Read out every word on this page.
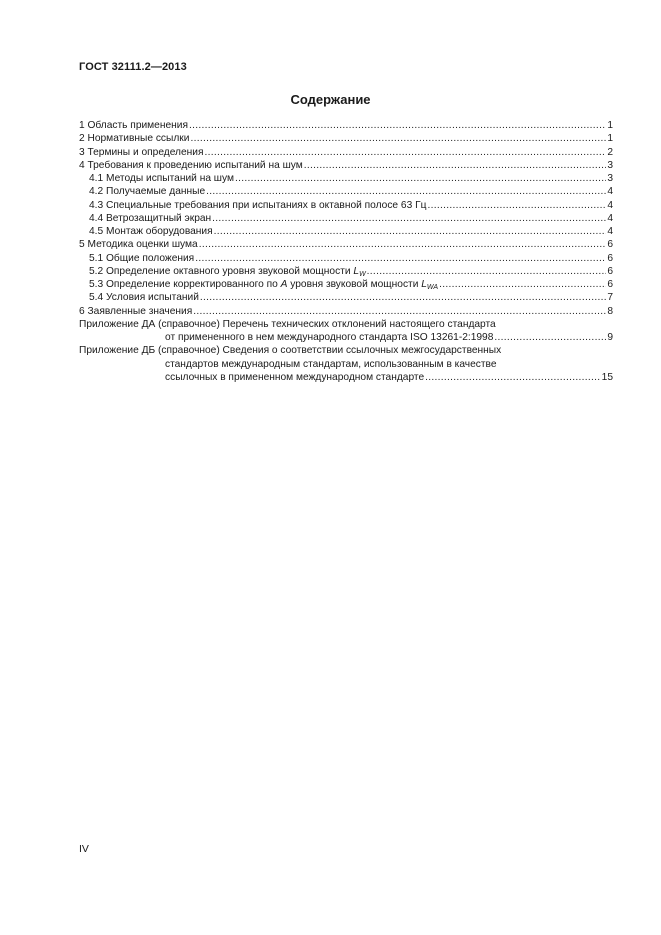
ГОСТ 32111.2—2013
Содержание
1 Область применения .....	1
2 Нормативные ссылки .....	1
3 Термины и определения .....	2
4 Требования к проведению испытаний на шум .....	3
4.1 Методы испытаний на шум .....	3
4.2 Получаемые данные .....	4
4.3 Специальные требования при испытаниях в октавной полосе 63 Гц .....	4
4.4 Ветрозащитный экран .....	4
4.5 Монтаж оборудования .....	4
5 Методика оценки шума .....	6
5.1 Общие положения .....	6
5.2 Определение октавного уровня звуковой мощности LW .....	6
5.3 Определение корректированного по A уровня звуковой мощности LWA .....	6
5.4 Условия испытаний .....	7
6 Заявленные значения .....	8
Приложение ДА (справочное) Перечень технических отклонений настоящего стандарта
от примененного в нем международного стандарта ISO 13261-2:1998 .....	9
Приложение ДБ (справочное) Сведения о соответствии ссылочных межгосударственных
стандартов международным стандартам, использованным в качестве
ссылочных в примененном международном стандарте .....	15
IV
